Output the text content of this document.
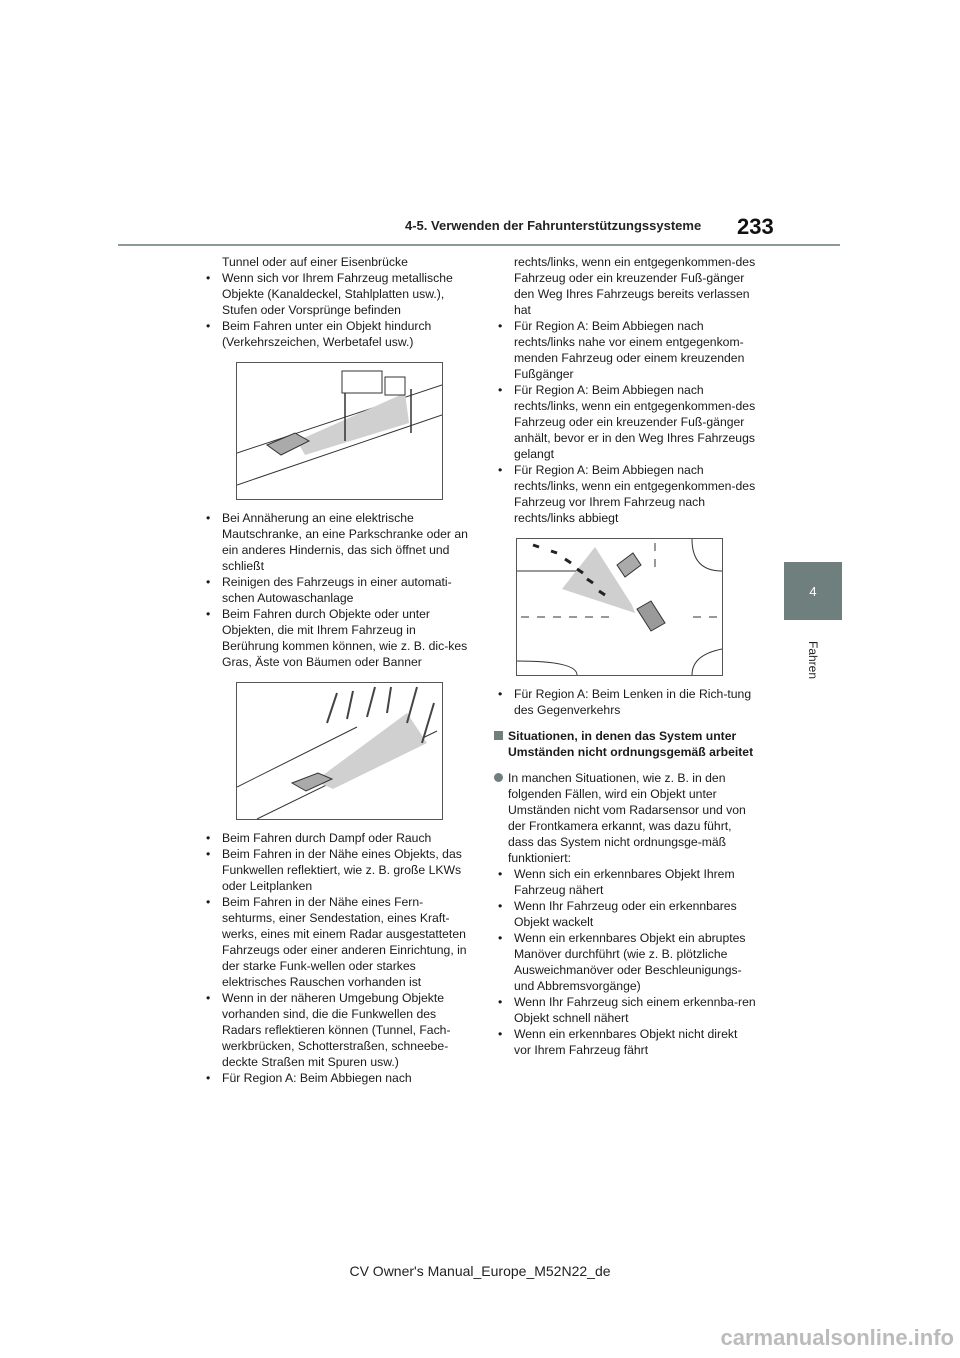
4-5. Verwenden der Fahrunterstützungssysteme 233
4
Fahren
Tunnel oder auf einer Eisenbrücke
• Wenn sich vor Ihrem Fahrzeug metallische Objekte (Kanaldeckel, Stahlplatten usw.), Stufen oder Vorsprünge befinden
• Beim Fahren unter ein Objekt hindurch (Verkehrszeichen, Werbetafel usw.)
• Bei Annäherung an eine elektrische Mautschranke, an eine Parkschranke oder an ein anderes Hindernis, das sich öffnet und schließt
• Reinigen des Fahrzeugs in einer automati-schen Autowaschanlage
• Beim Fahren durch Objekte oder unter Objekten, die mit Ihrem Fahrzeug in Berührung kommen können, wie z. B. dic-kes Gras, Äste von Bäumen oder Banner
• Beim Fahren durch Dampf oder Rauch
• Beim Fahren in der Nähe eines Objekts, das Funkwellen reflektiert, wie z. B. große LKWs oder Leitplanken
• Beim Fahren in der Nähe eines Fern-sehturms, einer Sendestation, eines Kraft-werks, eines mit einem Radar ausgestatteten Fahrzeugs oder einer anderen Einrichtung, in der starke Funk-wellen oder starkes elektrisches Rauschen vorhanden ist
• Wenn in der näheren Umgebung Objekte vorhanden sind, die die Funkwellen des Radars reflektieren können (Tunnel, Fach-werkbrücken, Schotterstraßen, schneebe-deckte Straßen mit Spuren usw.)
• Für Region A: Beim Abbiegen nach
rechts/links, wenn ein entgegenkommen-des Fahrzeug oder ein kreuzender Fuß-gänger den Weg Ihres Fahrzeugs bereits verlassen hat
• Für Region A: Beim Abbiegen nach rechts/links nahe vor einem entgegenkom-menden Fahrzeug oder einem kreuzenden Fußgänger
• Für Region A: Beim Abbiegen nach rechts/links, wenn ein entgegenkommen-des Fahrzeug oder ein kreuzender Fuß-gänger anhält, bevor er in den Weg Ihres Fahrzeugs gelangt
• Für Region A: Beim Abbiegen nach rechts/links, wenn ein entgegenkommen-des Fahrzeug vor Ihrem Fahrzeug nach rechts/links abbiegt
• Für Region A: Beim Lenken in die Rich-tung des Gegenverkehrs
Situationen, in denen das System unter Umständen nicht ordnungsgemäß arbeitet
In manchen Situationen, wie z. B. in den folgenden Fällen, wird ein Objekt unter Umständen nicht vom Radarsensor und von der Frontkamera erkannt, was dazu führt, dass das System nicht ordnungsge-mäß funktioniert:
• Wenn sich ein erkennbares Objekt Ihrem Fahrzeug nähert
• Wenn Ihr Fahrzeug oder ein erkennbares Objekt wackelt
• Wenn ein erkennbares Objekt ein abruptes Manöver durchführt (wie z. B. plötzliche Ausweichmanöver oder Beschleunigungs-und Abbremsvorgänge)
• Wenn Ihr Fahrzeug sich einem erkennba-ren Objekt schnell nähert
• Wenn ein erkennbares Objekt nicht direkt vor Ihrem Fahrzeug fährt
CV Owner's Manual_Europe_M52N22_de
carmanualsonline.info
